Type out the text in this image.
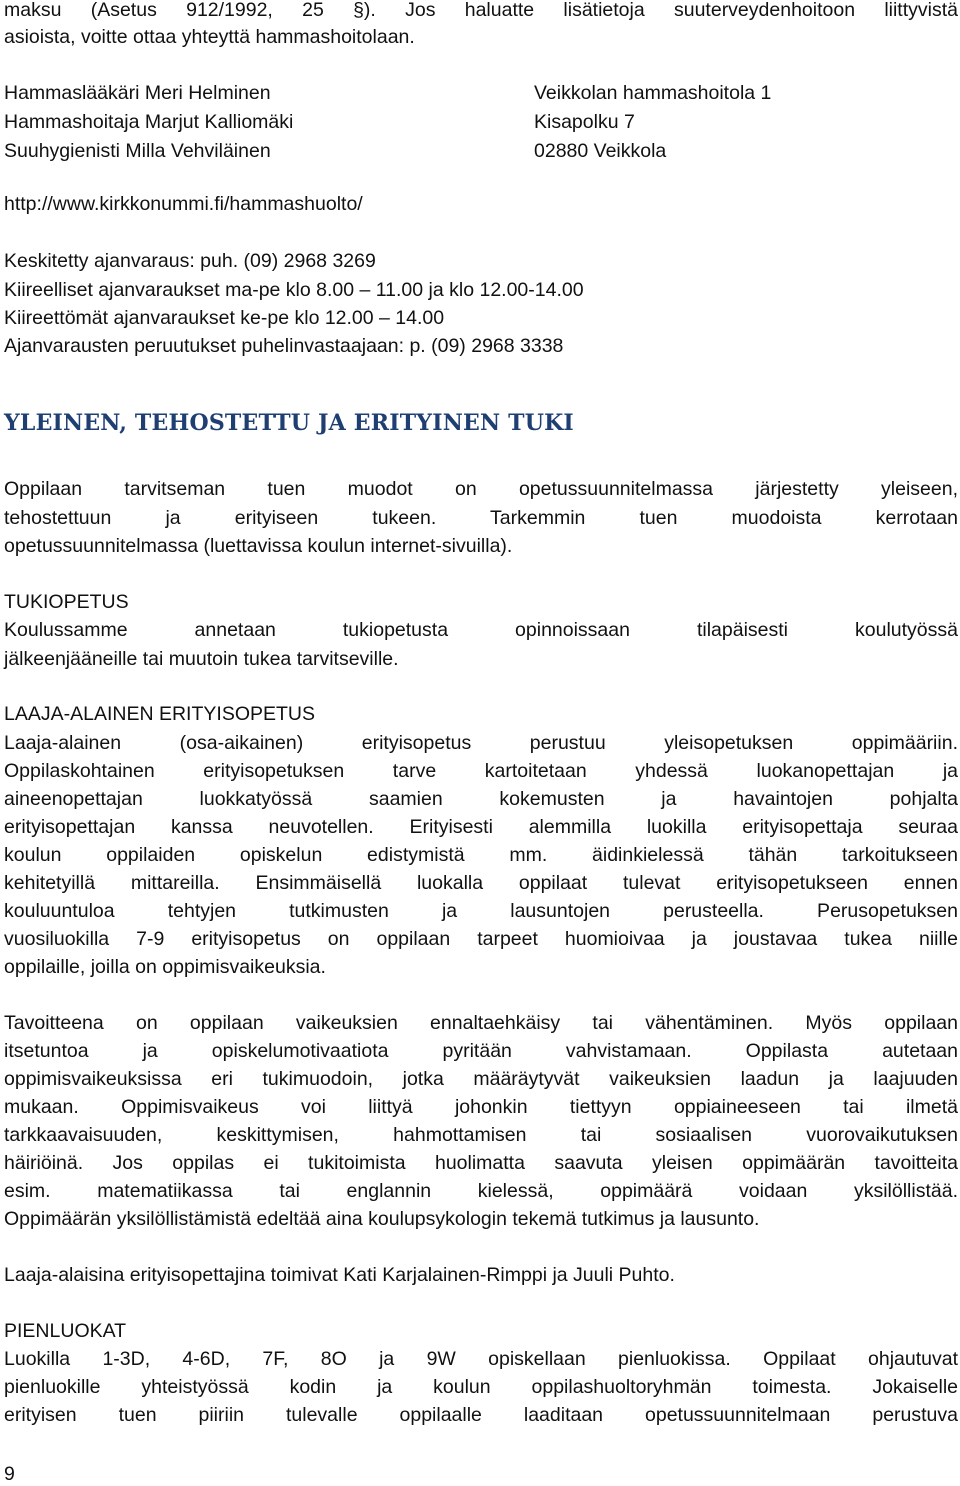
maksu (Asetus 912/1992, 25 §). Jos haluatte lisätietoja suuterveydenhoitoon liittyvistä
asioista, voitte ottaa yhteyttä hammashoitolaan.
Hammaslääkäri Meri Helminen
Hammashoitaja Marjut Kalliomäki
Suuhygienisti Milla Vehviläinen
Veikkolan hammashoitola 1
Kisapolku 7
02880 Veikkola
http://www.kirkkonummi.fi/hammashuolto/
Keskitetty ajanvaraus: puh. (09) 2968 3269
Kiireelliset ajanvaraukset ma-pe klo 8.00 – 11.00 ja klo 12.00-14.00
Kiireettömät ajanvaraukset ke-pe klo 12.00 – 14.00
Ajanvarausten peruutukset puhelinvastaajaan: p. (09) 2968 3338
YLEINEN, TEHOSTETTU JA ERITYINEN TUKI
Oppilaan tarvitseman tuen muodot on opetussuunnitelmassa järjestetty yleiseen,
tehostettuun ja erityiseen tukeen. Tarkemmin tuen muodoista kerrotaan
opetussuunnitelmassa (luettavissa koulun internet-sivuilla).
TUKIOPETUS
Koulussamme annetaan tukiopetusta opinnoissaan tilapäisesti koulutyössä
jälkeenjääneille tai muutoin tukea tarvitseville.
LAAJA-ALAINEN ERITYISOPETUS
Laaja-alainen (osa-aikainen) erityisopetus perustuu yleisopetuksen oppimääriin.
Oppilaskohtainen erityisopetuksen tarve kartoitetaan yhdessä luokanopettajan ja
aineenopettajan luokkatyössä saamien kokemusten ja havaintojen pohjalta
erityisopettajan kanssa neuvotellen. Erityisesti alemmilla luokilla erityisopettaja seuraa
koulun oppilaiden opiskelun edistymistä mm. äidinkielessä tähän tarkoitukseen
kehitetyillä mittareilla. Ensimmäisellä luokalla oppilaat tulevat erityisopetukseen ennen
kouluuntuloa tehtyjen tutkimusten ja lausuntojen perusteella. Perusopetuksen
vuosiluokilla 7-9 erityisopetus on oppilaan tarpeet huomioivaa ja joustavaa tukea niille
oppilaille, joilla on oppimisvaikeuksia.
Tavoitteena on oppilaan vaikeuksien ennaltaehkäisy tai vähentäminen. Myös oppilaan
itsetuntoa ja opiskelumotivaatiota pyritään vahvistamaan. Oppilasta autetaan
oppimisvaikeuksissa eri tukimuodoin, jotka määräytyvät vaikeuksien laadun ja laajuuden
mukaan. Oppimisvaikeus voi liittyä johonkin tiettyyn oppiaineeseen tai ilmetä
tarkkaavaisuuden, keskittymisen, hahmottamisen tai sosiaalisen vuorovaikutuksen
häiriöinä. Jos oppilas ei tukitoimista huolimatta saavuta yleisen oppimäärän tavoitteita
esim. matematiikassa tai englannin kielessä, oppimäärä voidaan yksilöllistää.
Oppimäärän yksilöllistämistä edeltää aina koulupsykologin tekemä tutkimus ja lausunto.
Laaja-alaisina erityisopettajina toimivat Kati Karjalainen-Rimppi ja Juuli Puhto.
PIENLUOKAT
Luokilla 1-3D, 4-6D, 7F, 8O ja 9W opiskellaan pienluokissa. Oppilaat ohjautuvat
pienluokille yhteistyössä kodin ja koulun oppilashuoltoryhmän toimesta. Jokaiselle
erityisen tuen piiriin tulevalle oppilaalle laaditaan opetussuunnitelmaan perustuva
9
